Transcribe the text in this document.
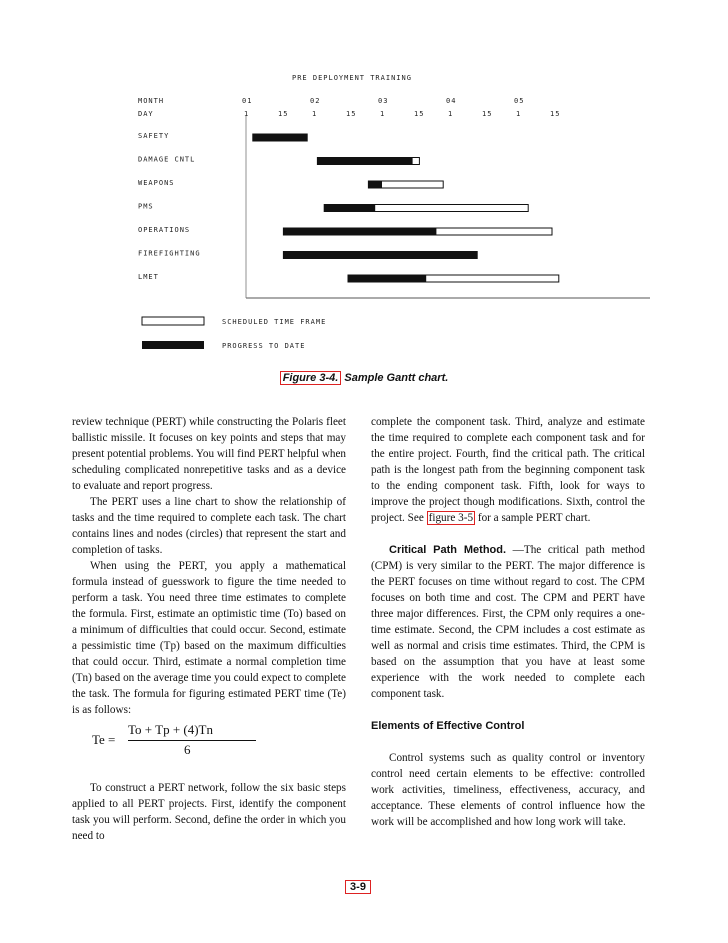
PRE DEPLOYMENT TRAINING
MONTH
DAY
01	02	03	04	05
1	15	1	15	1	15	1	15	1	15
SAFETY
DAMAGE CNTL
WEAPONS
PMS
OPERATIONS
FIREFIGHTING
LMET
SCHEDULED TIME FRAME
PROGRESS TO DATE
Figure 3-4. Sample Gantt chart.

review technique (PERT) while constructing the Polaris fleet ballistic missile. It focuses on key points and steps that may present potential problems. You will find PERT helpful when scheduling complicated nonrepetitive tasks and as a device to evaluate and report progress.

The PERT uses a line chart to show the relationship of tasks and the time required to complete each task. The chart contains lines and nodes (circles) that represent the start and completion of tasks.

When using the PERT, you apply a mathematical formula instead of guesswork to figure the time needed to perform a task. You need three time estimates to complete the formula. First, estimate an optimistic time (To) based on a minimum of difficulties that could occur. Second, estimate a pessimistic time (Tp) based on the maximum difficulties that could occur. Third, estimate a normal completion time (Tn) based on the average time you could expect to complete the task. The formula for figuring estimated PERT time (Te) is as follows:

Te =
To + Tp + (4)Tn
6

To construct a PERT network, follow the six basic steps applied to all PERT projects. First, identify the component task you will perform. Second, define the order in which you need to

complete the component task. Third, analyze and estimate the time required to complete each component task and for the entire project. Fourth, find the critical path. The critical path is the longest path from the beginning component task to the ending component task. Fifth, look for ways to improve the project though modifications. Sixth, control the project. See figure 3-5 for a sample PERT chart.

Critical Path Method. —The critical path method (CPM) is very similar to the PERT. The major difference is the PERT focuses on time without regard to cost. The CPM focuses on both time and cost. The CPM and PERT have three major differences. First, the CPM only requires a one-time estimate. Second, the CPM includes a cost estimate as well as normal and crisis time estimates. Third, the CPM is based on the assumption that you have at least some experience with the work needed to complete each component task.

Elements of Effective Control

Control systems such as quality control or inventory control need certain elements to be effective: controlled work activities, timeliness, effectiveness, accuracy, and acceptance. These elements of control influence how the work will be accomplished and how long work will take.

3-9
